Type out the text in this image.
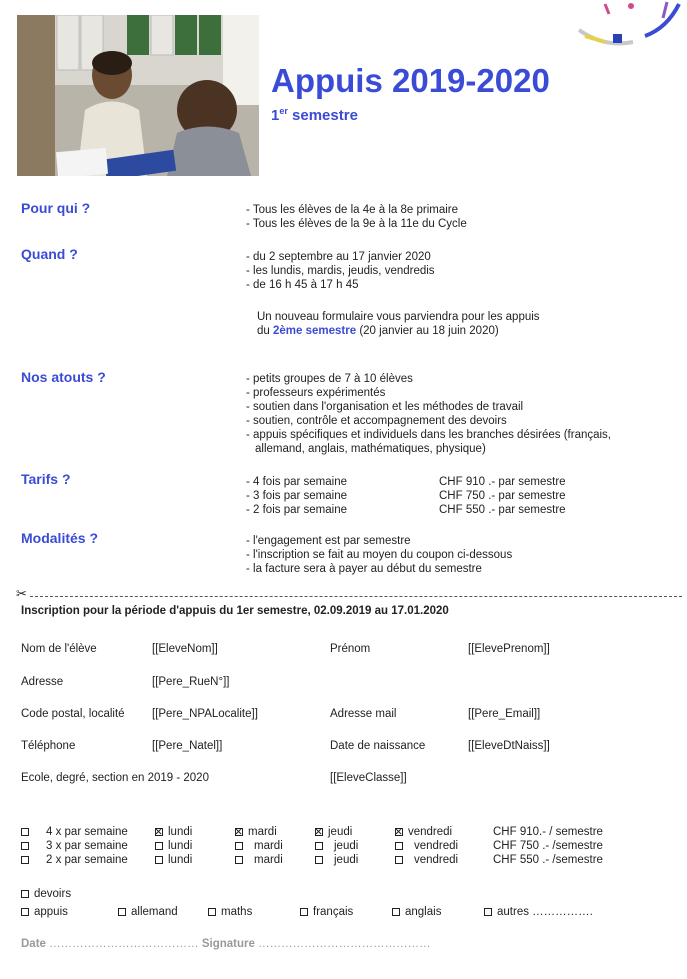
Appuis 2019-2020
1er semestre
Pour qui ?	- Tous les élèves de la 4e à la 8e primaire
- Tous les élèves de la 9e à la 11e du Cycle
Quand ?	- du 2 septembre au 17 janvier 2020
- les lundis, mardis, jeudis, vendredis
- de 16 h 45 à 17 h 45
Un nouveau formulaire vous parviendra pour les appuis
du 2ème semestre (20 janvier au 18 juin 2020)
Nos atouts ?	- petits groupes de 7 à 10 élèves
- professeurs expérimentés
- soutien dans l'organisation et les méthodes de travail
- soutien, contrôle et accompagnement des devoirs
- appuis spécifiques et individuels dans les branches désirées (français,
allemand, anglais, mathématiques, physique)
Tarifs ?	- 4 fois par semaine	CHF 910 .- par semestre
- 3 fois par semaine	CHF 750 .- par semestre
- 2 fois par semaine	CHF 550 .- par semestre
Modalités ?	- l'engagement est par semestre
- l'inscription se fait au moyen du coupon ci-dessous
- la facture sera à payer au début du semestre
✂
Inscription pour la période d'appuis du 1er semestre, 02.09.2019 au 17.01.2020
Nom de l'élève	[[EleveNom]]	Prénom	[[ElevePrenom]]
Adresse	[[Pere_RueN°]]
Code postal, localité [[Pere_NPALocalite]]	Adresse mail	[[Pere_Email]]
Téléphone	[[Pere_Natel]]	Date de naissance	[[EleveDtNaiss]]
Ecole, degré, section en 2019 - 2020	[[EleveClasse]]
4 x par semaine	lundi	mardi	jeudi	vendredi	CHF 910.- / semestre
3 x par semaine	lundi	mardi	jeudi	vendredi	CHF 750 .- /semestre
2 x par semaine	lundi	mardi	jeudi	vendredi	CHF 550 .- /semestre
devoirs
appuis	allemand	maths	français	anglais	autres …………….
Date ………………………………… Signature ………………………………………
